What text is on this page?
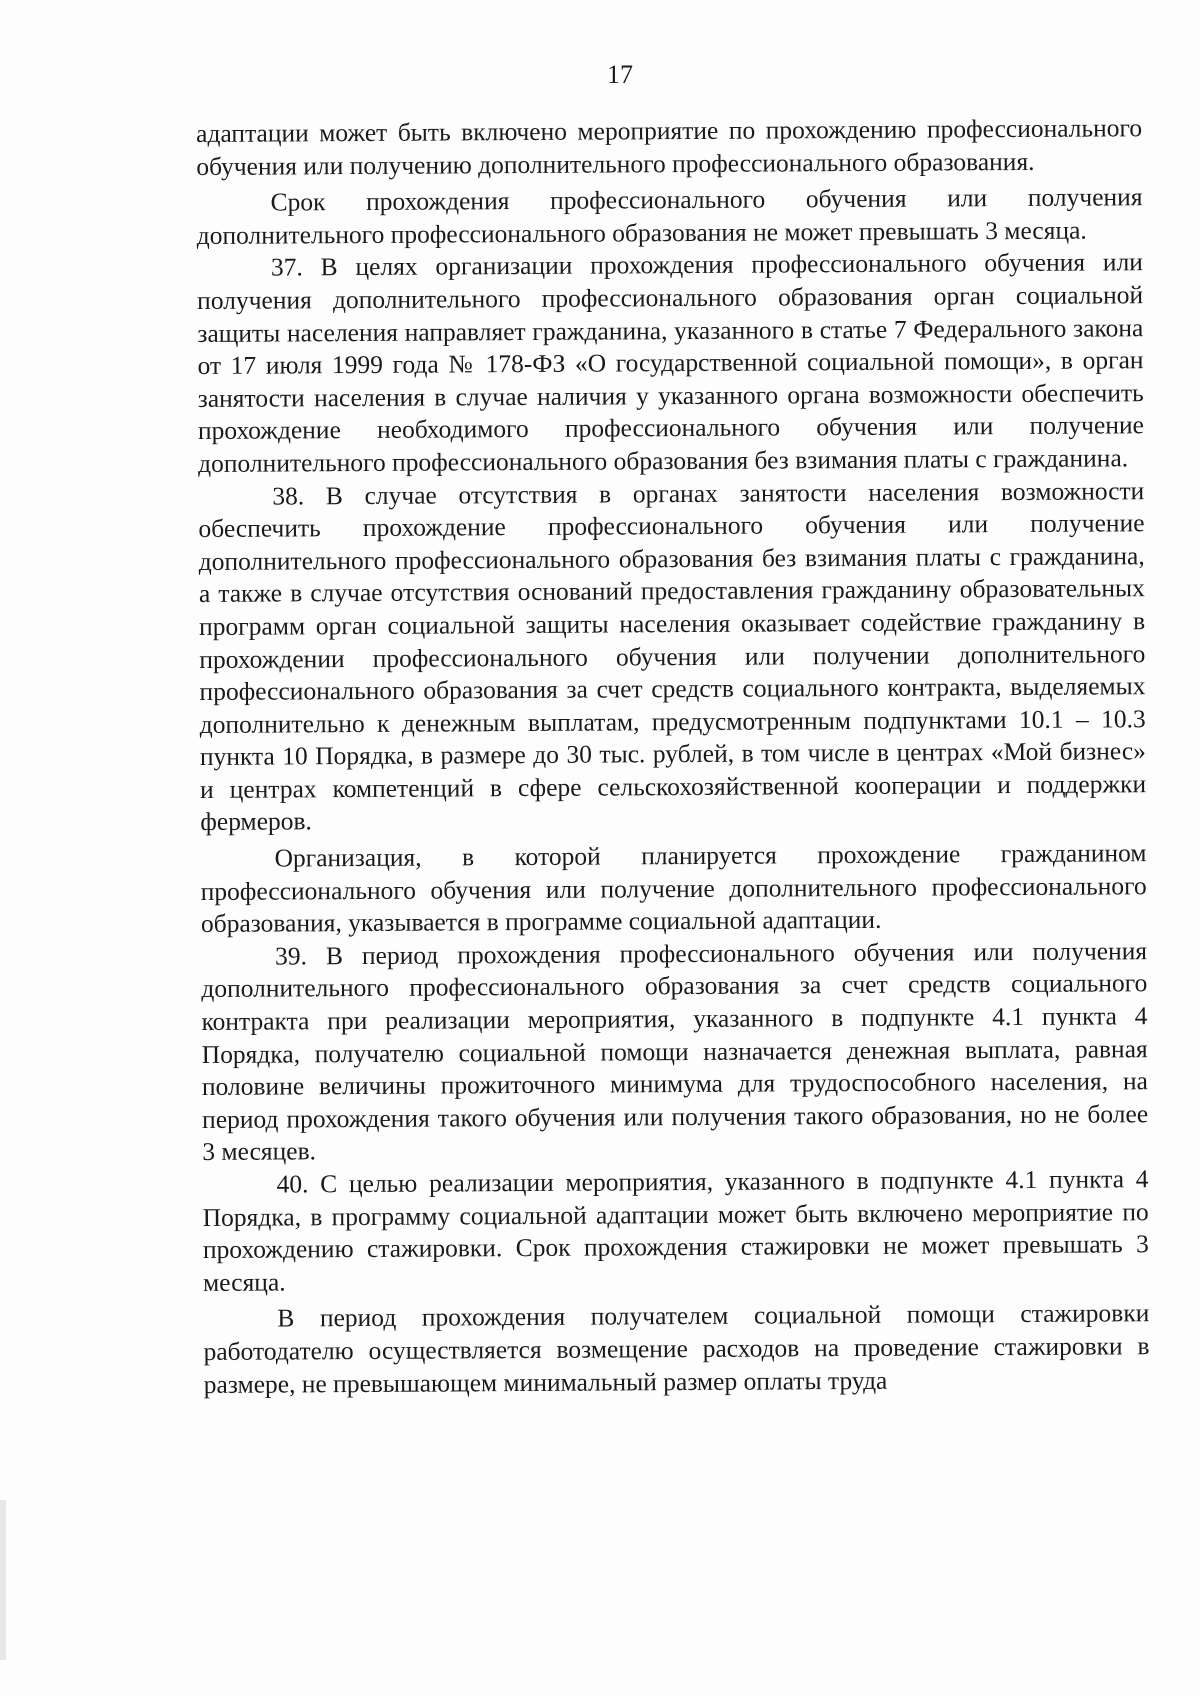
17

адаптации может быть включено мероприятие по прохождению профессионального обучения или получению дополнительного профессионального образования.

Срок прохождения профессионального обучения или получения дополнительного профессионального образования не может превышать 3 месяца.

37. В целях организации прохождения профессионального обучения или получения дополнительного профессионального образования орган социальной защиты населения направляет гражданина, указанного в статье 7 Федерального закона от 17 июля 1999 года № 178-ФЗ «О государственной социальной помощи», в орган занятости населения в случае наличия у указанного органа возможности обеспечить прохождение необходимого профессионального обучения или получение дополнительного профессионального образования без взимания платы с гражданина.

38. В случае отсутствия в органах занятости населения возможности обеспечить прохождение профессионального обучения или получение дополнительного профессионального образования без взимания платы с гражданина, а также в случае отсутствия оснований предоставления гражданину образовательных программ орган социальной защиты населения оказывает содействие гражданину в прохождении профессионального обучения или получении дополнительного профессионального образования за счет средств социального контракта, выделяемых дополнительно к денежным выплатам, предусмотренным подпунктами 10.1 – 10.3 пункта 10 Порядка, в размере до 30 тыс. рублей, в том числе в центрах «Мой бизнес» и центрах компетенций в сфере сельскохозяйственной кооперации и поддержки фермеров.

Организация, в которой планируется прохождение гражданином профессионального обучения или получение дополнительного профессионального образования, указывается в программе социальной адаптации.

39. В период прохождения профессионального обучения или получения дополнительного профессионального образования за счет средств социального контракта при реализации мероприятия, указанного в подпункте 4.1 пункта 4 Порядка, получателю социальной помощи назначается денежная выплата, равная половине величины прожиточного минимума для трудоспособного населения, на период прохождения такого обучения или получения такого образования, но не более 3 месяцев.

40. С целью реализации мероприятия, указанного в подпункте 4.1 пункта 4 Порядка, в программу социальной адаптации может быть включено мероприятие по прохождению стажировки. Срок прохождения стажировки не может превышать 3 месяца.

В период прохождения получателем социальной помощи стажировки работодателю осуществляется возмещение расходов на проведение стажировки в размере, не превышающем минимальный размер оплаты труда
